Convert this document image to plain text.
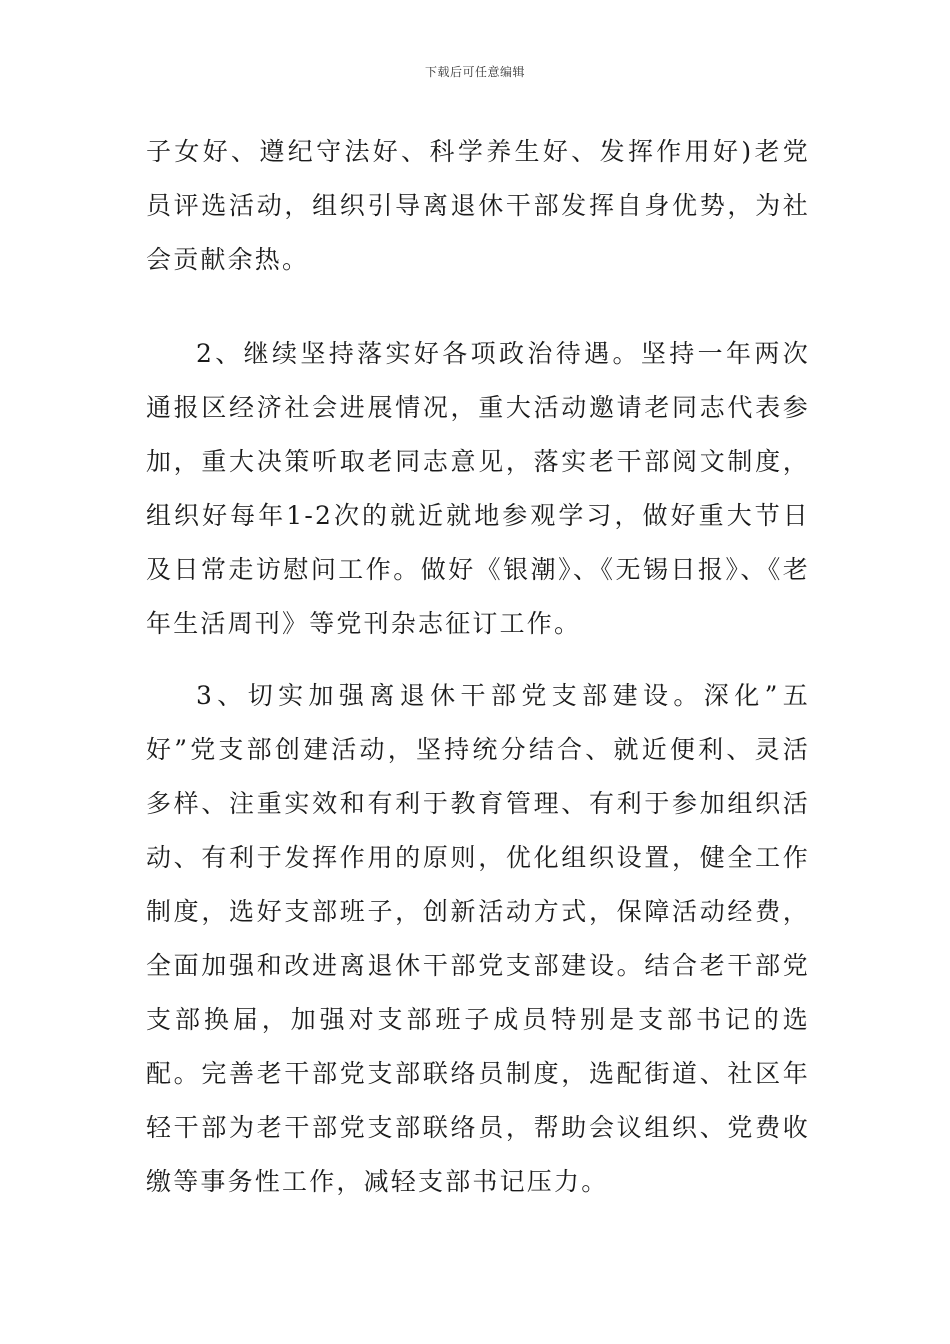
下载后可任意编辑

子女好、遵纪守法好、科学养生好、发挥作用好)老党员评选活动，组织引导离退休干部发挥自身优势，为社会贡献余热。

2、继续坚持落实好各项政治待遇。坚持一年两次通报区经济社会进展情况，重大活动邀请老同志代表参加，重大决策听取老同志意见，落实老干部阅文制度，组织好每年1-2次的就近就地参观学习，做好重大节日及日常走访慰问工作。做好《银潮》、《无锡日报》、《老年生活周刊》等党刊杂志征订工作。

3、切实加强离退休干部党支部建设。深化”五好”党支部创建活动，坚持统分结合、就近便利、灵活多样、注重实效和有利于教育管理、有利于参加组织活动、有利于发挥作用的原则，优化组织设置，健全工作制度，选好支部班子，创新活动方式，保障活动经费，全面加强和改进离退休干部党支部建设。结合老干部党支部换届，加强对支部班子成员特别是支部书记的选配。完善老干部党支部联络员制度，选配街道、社区年轻干部为老干部党支部联络员，帮助会议组织、党费收缴等事务性工作，减轻支部书记压力。
